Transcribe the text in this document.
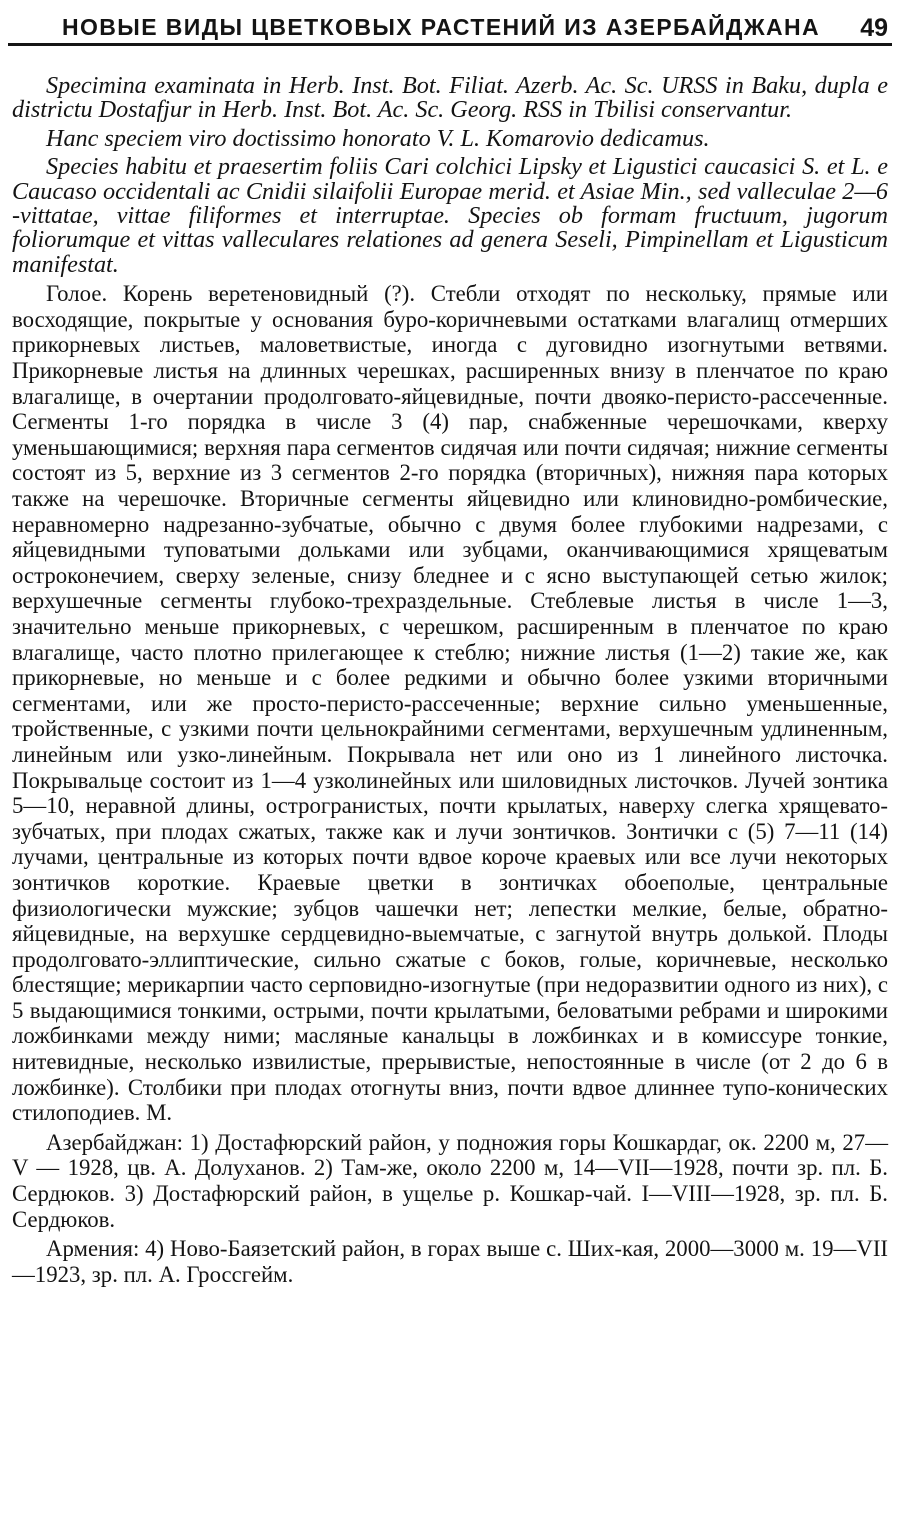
НОВЫЕ ВИДЫ ЦВЕТКОВЫХ РАСТЕНИЙ ИЗ АЗЕРБАЙДЖАНА 49

Specimina examinata in Herb. Inst. Bot. Filiat. Azerb. Ac. Sc. URSS in Baku, dupla e districtu Dostafjur in Herb. Inst. Bot. Ac. Sc. Georg. RSS in Tbilisi conservantur.

Hanc speciem viro doctissimo honorato V. L. Komarovio dedicamus.

Species habitu et praesertim foliis Cari colchici Lipsky et Ligustici caucasici S. et L. e Caucaso occidentali ac Cnidii silaifolii Europae merid. et Asiae Min., sed valleculae 2—6 -vittatae, vittae filiformes et interruptae. Species ob formam fructuum, jugorum foliorumque et vittas valleculares relationes ad genera Seseli, Pimpinellam et Ligusticum manifestat.

Голое. Корень веретеновидный (?). Стебли отходят по нескольку, прямые или восходящие, покрытые у основания буро-коричневыми остатками влагалищ отмерших прикорневых листьев, маловетвистые, иногда с дуговидно изогнутыми ветвями. Прикорневые листья на длинных черешках, расширенных внизу в пленчатое по краю влагалище, в очертании продолговато-яйцевидные, почти двояко-перисто-рассеченные. Сегменты 1-го порядка в числе 3 (4) пар, снабженные черешочками, кверху уменьшающимися; верхняя пара сегментов сидячая или почти сидячая; нижние сегменты состоят из 5, верхние из 3 сегментов 2-го порядка (вторичных), нижняя пара которых также на черешочке. Вторичные сегменты яйцевидно или клиновидно-ромбические, неравномерно надрезанно-зубчатые, обычно с двумя более глубокими надрезами, с яйцевидными туповатыми дольками или зубцами, оканчивающимися хрящеватым остроконечием, сверху зеленые, снизу бледнее и с ясно выступающей сетью жилок; верхушечные сегменты глубоко-трехраздельные. Стеблевые листья в числе 1—3, значительно меньше прикорневых, с черешком, расширенным в пленчатое по краю влагалище, часто плотно прилегающее к стеблю; нижние листья (1—2) такие же, как прикорневые, но меньше и с более редкими и обычно более узкими вторичными сегментами, или же просто-перисто-рассеченные; верхние сильно уменьшенные, тройственные, с узкими почти цельнокрайними сегментами, верхушечным удлиненным, линейным или узко-линейным. Покрывала нет или оно из 1 линейного листочка. Покрывальце состоит из 1—4 узколинейных или шиловидных листочков. Лучей зонтика 5—10, неравной длины, острогранистых, почти крылатых, наверху слегка хрящевато-зубчатых, при плодах сжатых, также как и лучи зонтичков. Зонтички с (5) 7—11 (14) лучами, центральные из которых почти вдвое короче краевых или все лучи некоторых зонтичков короткие. Краевые цветки в зонтичках обоеполые, центральные физиологически мужские; зубцов чашечки нет; лепестки мелкие, белые, обратно-яйцевидные, на верхушке сердцевидно-выемчатые, с загнутой внутрь долькой. Плоды продолговато-эллиптические, сильно сжатые с боков, голые, коричневые, несколько блестящие; мерикарпии часто серповидно-изогнутые (при недоразвитии одного из них), с 5 выдающимися тонкими, острыми, почти крылатыми, беловатыми ребрами и широкими ложбинками между ними; масляные канальцы в ложбинках и в комиссуре тонкие, нитевидные, несколько извилистые, прерывистые, непостоянные в числе (от 2 до 6 в ложбинке). Столбики при плодах отогнуты вниз, почти вдвое длиннее тупо-конических стилоподиев. М.

Азербайджан: 1) Достафюрский район, у подножия горы Кошкардаг, ок. 2200 м, 27—V — 1928, цв. А. Долуханов. 2) Там-же, около 2200 м, 14—VII—1928, почти зр. пл. Б. Сердюков. 3) Достафюрский район, в ущелье р. Кошкар-чай. I—VIII—1928, зр. пл. Б. Сердюков.

Армения: 4) Ново-Баязетский район, в горах выше с. Ших-кая, 2000—3000 м. 19—VII—1923, зр. пл. А. Гроссгейм.
